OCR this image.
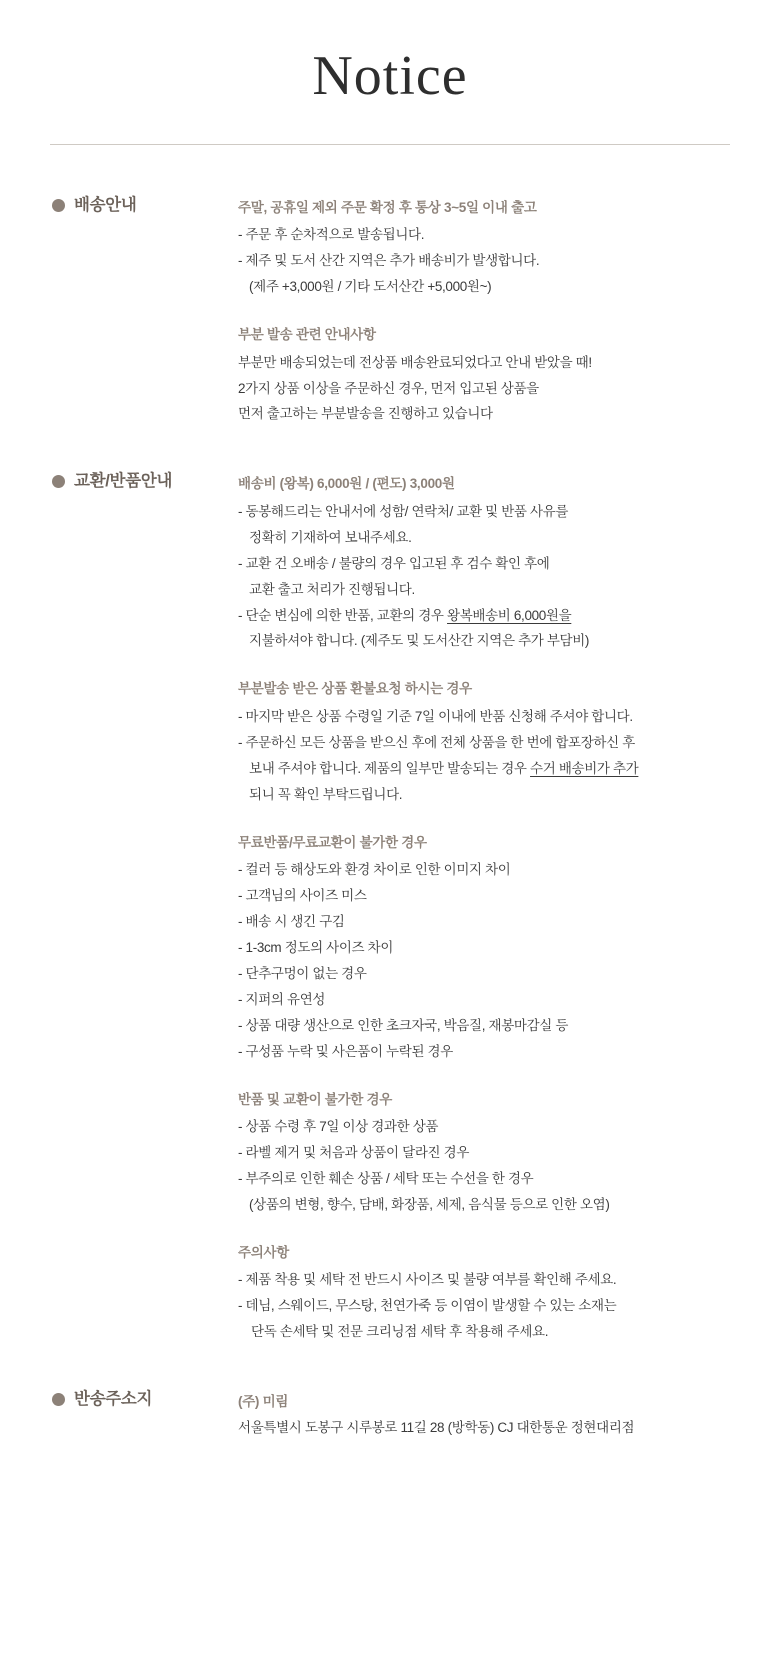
Notice
배송안내	주말, 공휴일 제외 주문 확정 후 통상 3~5일 이내 출고
- 주문 후 순차적으로 발송됩니다.
- 제주 및 도서 산간 지역은 추가 배송비가 발생합니다.
(제주 +3,000원 / 기타 도서산간 +5,000원~)
부분 발송 관련 안내사항
부분만 배송되었는데 전상품 배송완료되었다고 안내 받았을 때!
2가지 상품 이상을 주문하신 경우, 먼저 입고된 상품을
먼저 출고하는 부분발송을 진행하고 있습니다
교환/반품안내	배송비 (왕복) 6,000원 / (편도) 3,000원
- 동봉해드리는 안내서에 성함/ 연락처/ 교환 및 반품 사유를
정확히 기재하여 보내주세요.
- 교환 건 오배송 / 불량의 경우 입고된 후 검수 확인 후에
교환 출고 처리가 진행됩니다.
- 단순 변심에 의한 반품, 교환의 경우 왕복배송비 6,000원을
지불하셔야 합니다. (제주도 및 도서산간 지역은 추가 부담비)
부분발송 받은 상품 환불요청 하시는 경우
- 마지막 받은 상품 수령일 기준 7일 이내에 반품 신청해 주셔야 합니다.
- 주문하신 모든 상품을 받으신 후에 전체 상품을 한 번에 합포장하신 후
보내 주셔야 합니다. 제품의 일부만 발송되는 경우 수거 배송비가 추가
되니 꼭 확인 부탁드립니다.
무료반품/무료교환이 불가한 경우
- 컬러 등 해상도와 환경 차이로 인한 이미지 차이
- 고객님의 사이즈 미스
- 배송 시 생긴 구김
- 1-3cm 정도의 사이즈 차이
- 단추구멍이 없는 경우
- 지퍼의 유연성
- 상품 대량 생산으로 인한 초크자국, 박음질, 재봉마감실 등
- 구성품 누락 및 사은품이 누락된 경우
반품 및 교환이 불가한 경우
- 상품 수령 후 7일 이상 경과한 상품
- 라벨 제거 및 처음과 상품이 달라진 경우
- 부주의로 인한 훼손 상품 / 세탁 또는 수선을 한 경우
(상품의 변형, 향수, 담배, 화장품, 세제, 음식물 등으로 인한 오염)
주의사항
- 제품 착용 및 세탁 전 반드시 사이즈 및 불량 여부를 확인해 주세요.
- 데님, 스웨이드, 무스탕, 천연가죽 등 이염이 발생할 수 있는 소재는
단독 손세탁 및 전문 크리닝점 세탁 후 착용해 주세요.
반송주소지	(주) 미림
서울특별시 도봉구 시루봉로 11길 28 (방학동) CJ 대한통운 정현대리점
